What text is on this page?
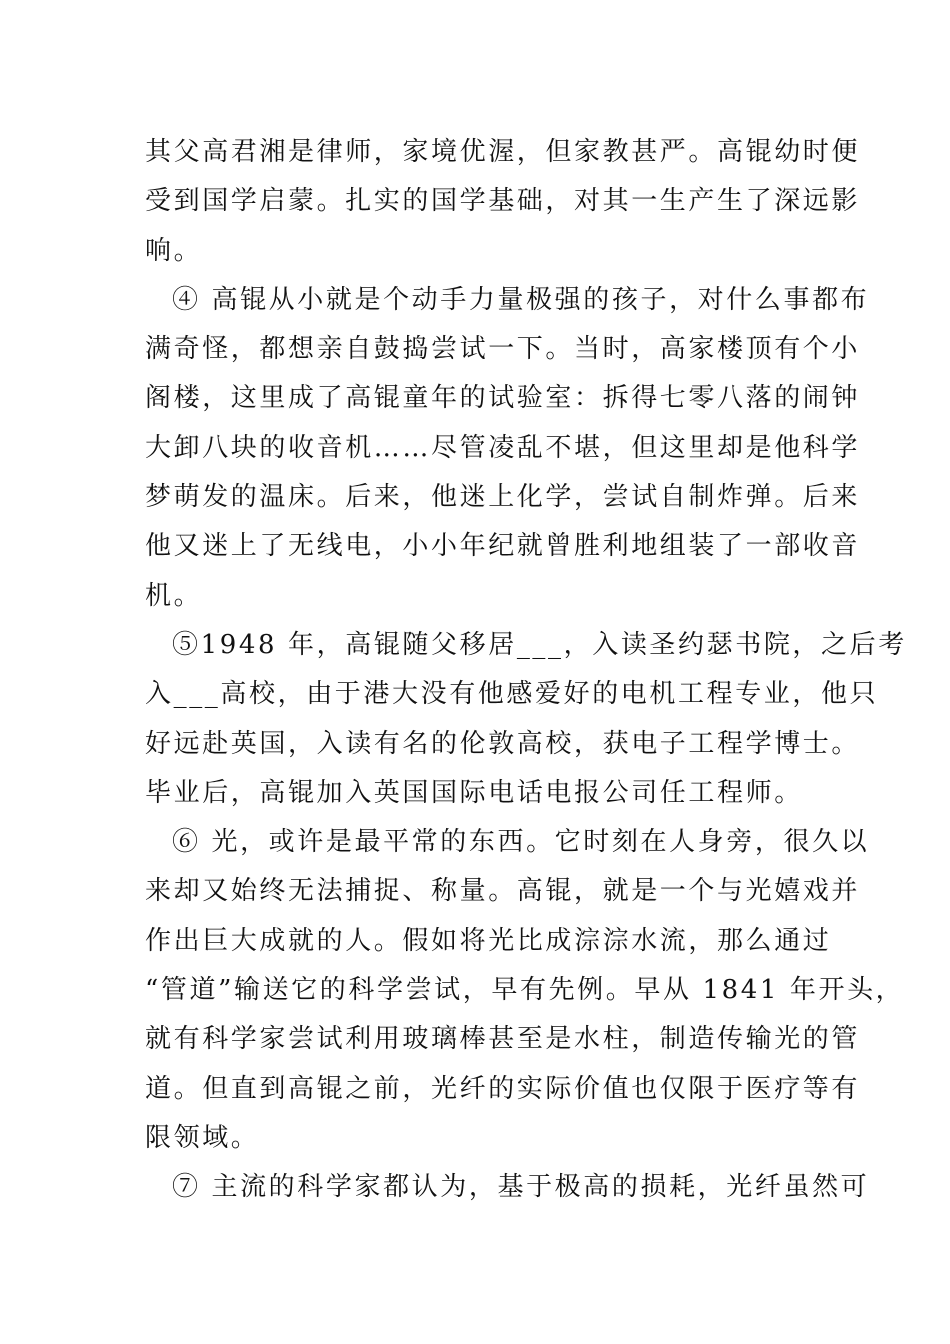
其父高君湘是律师，家境优渥，但家教甚严。高锟幼时便
受到国学启蒙。扎实的国学基础，对其一生产生了深远影
响。
④ 高锟从小就是个动手力量极强的孩子，对什么事都布
满奇怪，都想亲自鼓捣尝试一下。当时，高家楼顶有个小
阁楼，这里成了高锟童年的试验室：拆得七零八落的闹钟
大卸八块的收音机……尽管凌乱不堪，但这里却是他科学
梦萌发的温床。后来，他迷上化学，尝试自制炸弹。后来
他又迷上了无线电，小小年纪就曾胜利地组装了一部收音
机。
⑤1948 年，高锟随父移居___，入读圣约瑟书院，之后考
入___高校，由于港大没有他感爱好的电机工程专业，他只
好远赴英国，入读有名的伦敦高校，获电子工程学博士。
毕业后，高锟加入英国国际电话电报公司任工程师。
⑥ 光，或许是最平常的东西。它时刻在人身旁，很久以
来却又始终无法捕捉、称量。高锟，就是一个与光嬉戏并
作出巨大成就的人。假如将光比成淙淙水流，那么通过
“管道”输送它的科学尝试，早有先例。早从 1841 年开头，
就有科学家尝试利用玻璃棒甚至是水柱，制造传输光的管
道。但直到高锟之前，光纤的实际价值也仅限于医疗等有
限领域。
⑦ 主流的科学家都认为，基于极高的损耗，光纤虽然可
